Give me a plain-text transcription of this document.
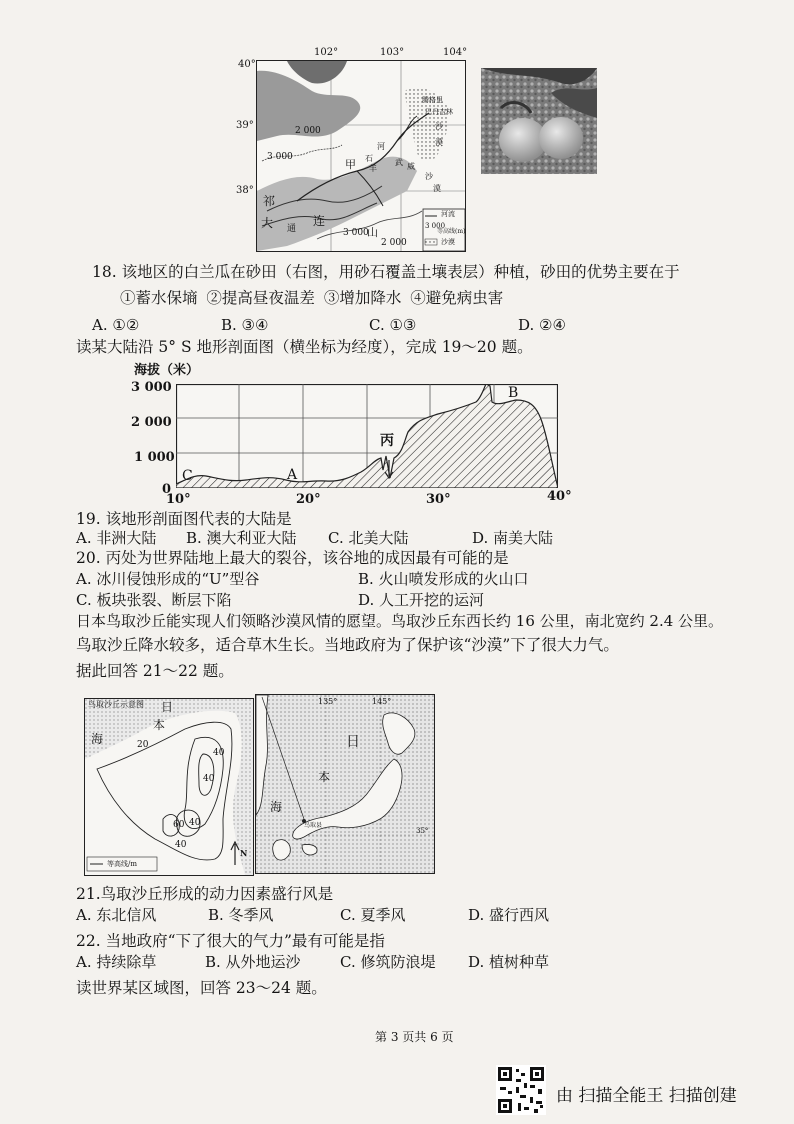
102°	103°	104°
40°
39°
38°
2 000
3 000
3 000
2 000
甲 石
羊
河
武 威
腾格里
沙
漠
巴丹吉林
沙
漠
祁
连
大 通	山
河流
3 000
等高线(m)
沙漠
18. 该地区的白兰瓜在砂田（右图，用砂石覆盖土壤表层）种植，砂田的优势主要在于
①蓄水保墒 ②提高昼夜温差 ③增加降水 ④避免病虫害
A. ①②	B. ③④	C. ①③	D. ②④
读某大陆沿 5° S 地形剖面图（横坐标为经度），完成 19～20 题。
海拔（米）
3 000
2 000
1 000
0
10°	20°	30°	40°
C	A
丙
B
19. 该地形剖面图代表的大陆是
A. 非洲大陆 B. 澳大利亚大陆 C. 北美大陆	D. 南美大陆
20. 丙处为世界陆地上最大的裂谷，该谷地的成因最有可能的是
A. 冰川侵蚀形成的“U”型谷	B. 火山喷发形成的火山口
C. 板块张裂、断层下陷	D. 人工开挖的运河
日本鸟取沙丘能实现人们领略沙漠风情的愿望。鸟取沙丘东西长约 16 公里，南北宽约 2.4 公里。
鸟取沙丘降水较多，适合草木生长。当地政府为了保护该“沙漠”下了很大力气。
据此回答 21～22 题。
鸟取沙丘示意图 日
本
海	20
40
40
60 40
40
等高线/m
N
135°	145°
35°
日
本
海
鸟取县
21.鸟取沙丘形成的动力因素盛行风是
A. 东北信风	B. 冬季风	C. 夏季风	D. 盛行西风
22. 当地政府“下了很大的气力”最有可能是指
A. 持续除草	B. 从外地运沙	C. 修筑防浪堤 D. 植树种草
读世界某区域图，回答 23～24 题。
第 3 页共 6 页
由 扫描全能王 扫描创建
